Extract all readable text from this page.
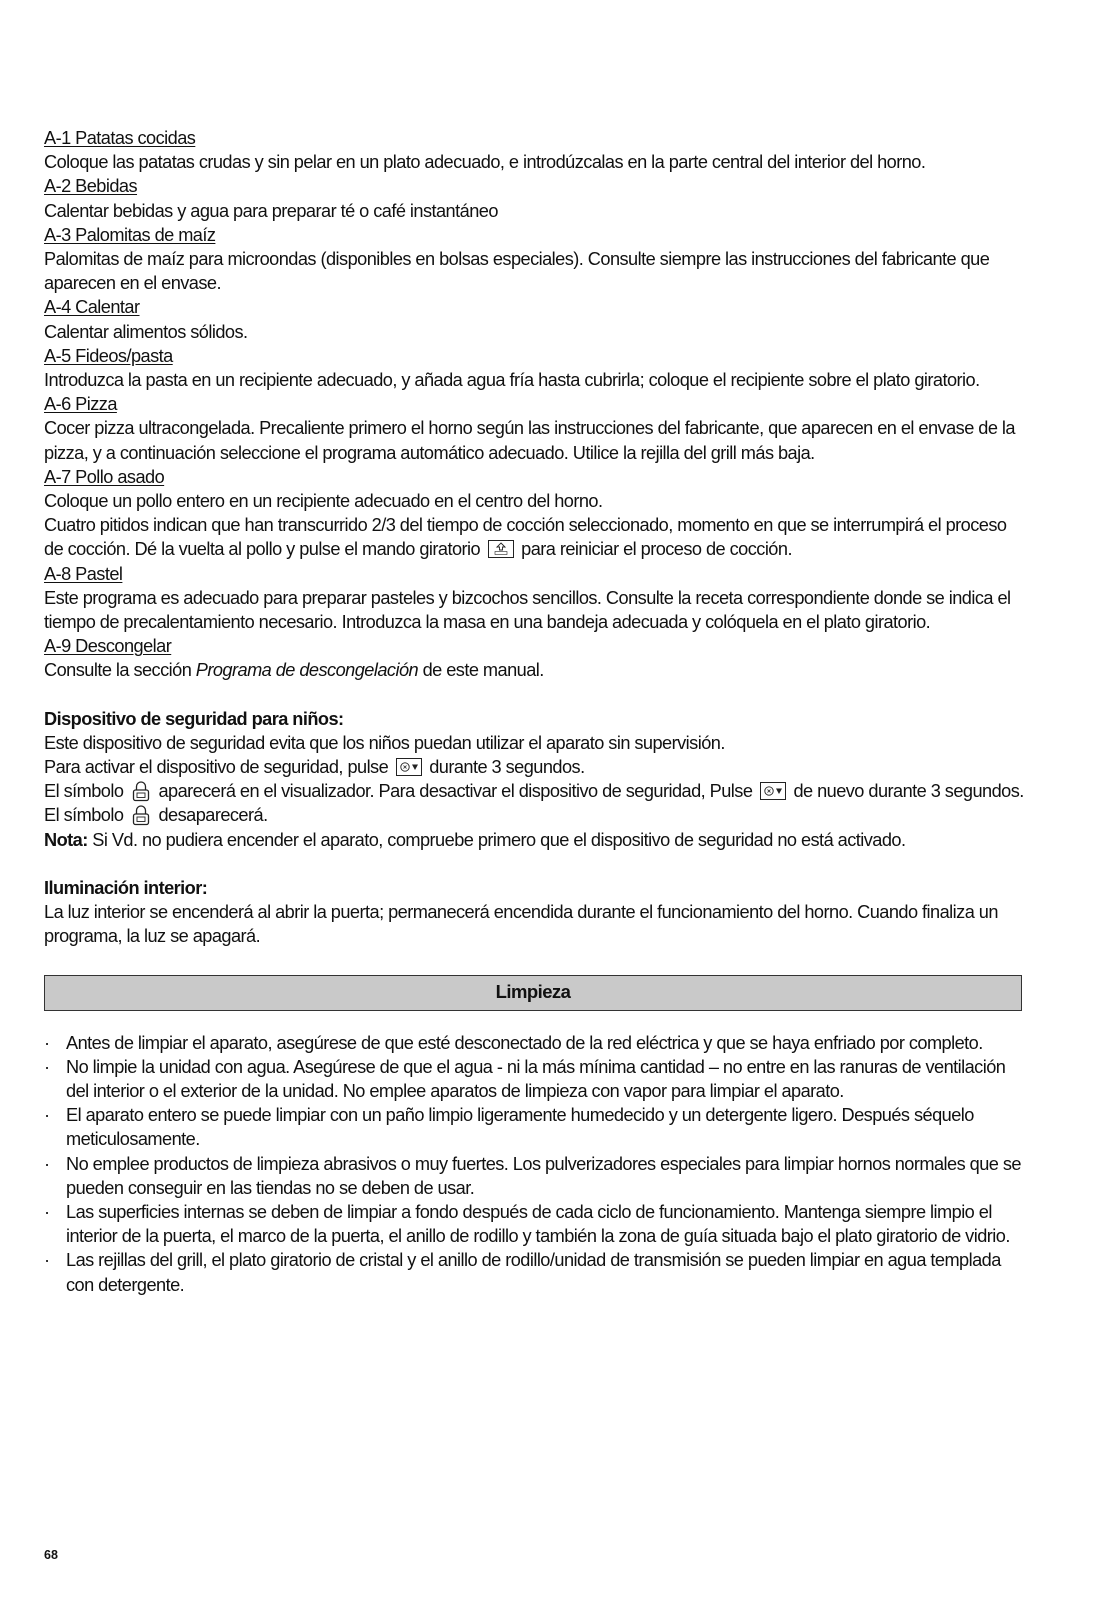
A-1 Patatas cocidas

Coloque las patatas crudas y sin pelar en un plato adecuado, e introdúzcalas en la parte central del interior del horno.

A-2 Bebidas

Calentar bebidas y agua para preparar té o café instantáneo

A-3 Palomitas de maíz

Palomitas de maíz para microondas (disponibles en bolsas especiales). Consulte siempre las instrucciones del fabricante que aparecen en el envase.

A-4 Calentar

Calentar alimentos sólidos.

A-5 Fideos/pasta

Introduzca la pasta en un recipiente adecuado, y añada agua fría hasta cubrirla; coloque el recipiente sobre el plato giratorio.

A-6 Pizza

Cocer pizza ultracongelada. Precaliente primero el horno según las instrucciones del fabricante, que aparecen en el envase de la pizza, y a continuación seleccione el programa automático adecuado. Utilice la rejilla del grill más baja.

A-7 Pollo asado

Coloque un pollo entero en un recipiente adecuado en el centro del horno.

Cuatro pitidos indican que han transcurrido 2/3 del tiempo de cocción seleccionado, momento en que se interrumpirá el proceso de cocción. Dé la vuelta al pollo y pulse el mando giratorio para reiniciar el proceso de cocción.

A-8 Pastel

Este programa es adecuado para preparar pasteles y bizcochos sencillos. Consulte la receta correspondiente donde se indica el tiempo de precalentamiento necesario. Introduzca la masa en una bandeja adecuada y colóquela en el plato giratorio.

A-9 Descongelar

Consulte la sección Programa de descongelación de este manual.

Dispositivo de seguridad para niños:

Este dispositivo de seguridad evita que los niños puedan utilizar el aparato sin supervisión.

Para activar el dispositivo de seguridad, pulse durante 3 segundos.

El símbolo aparecerá en el visualizador. Para desactivar el dispositivo de seguridad, Pulse de nuevo durante 3 segundos.

El símbolo desaparecerá.

Nota: Si Vd. no pudiera encender el aparato, compruebe primero que el dispositivo de seguridad no está activado.

Iluminación interior:

La luz interior se encenderá al abrir la puerta; permanecerá encendida durante el funcionamiento del horno. Cuando finaliza un programa, la luz se apagará.

Limpieza
· Antes de limpiar el aparato, asegúrese de que esté desconectado de la red eléctrica y que se haya enfriado por completo.
· No limpie la unidad con agua. Asegúrese de que el agua - ni la más mínima cantidad – no entre en las ranuras de ventilación del interior o el exterior de la unidad. No emplee aparatos de limpieza con vapor para limpiar el aparato.
· El aparato entero se puede limpiar con un paño limpio ligeramente humedecido y un detergente ligero. Después séquelo meticulosamente.
· No emplee productos de limpieza abrasivos o muy fuertes. Los pulverizadores especiales para limpiar hornos normales que se pueden conseguir en las tiendas no se deben de usar.
· Las superficies internas se deben de limpiar a fondo después de cada ciclo de funcionamiento. Mantenga siempre limpio el interior de la puerta, el marco de la puerta, el anillo de rodillo y también la zona de guía situada bajo el plato giratorio de vidrio.
· Las rejillas del grill, el plato giratorio de cristal y el anillo de rodillo/unidad de transmisión se pueden limpiar en agua templada con detergente.
68
